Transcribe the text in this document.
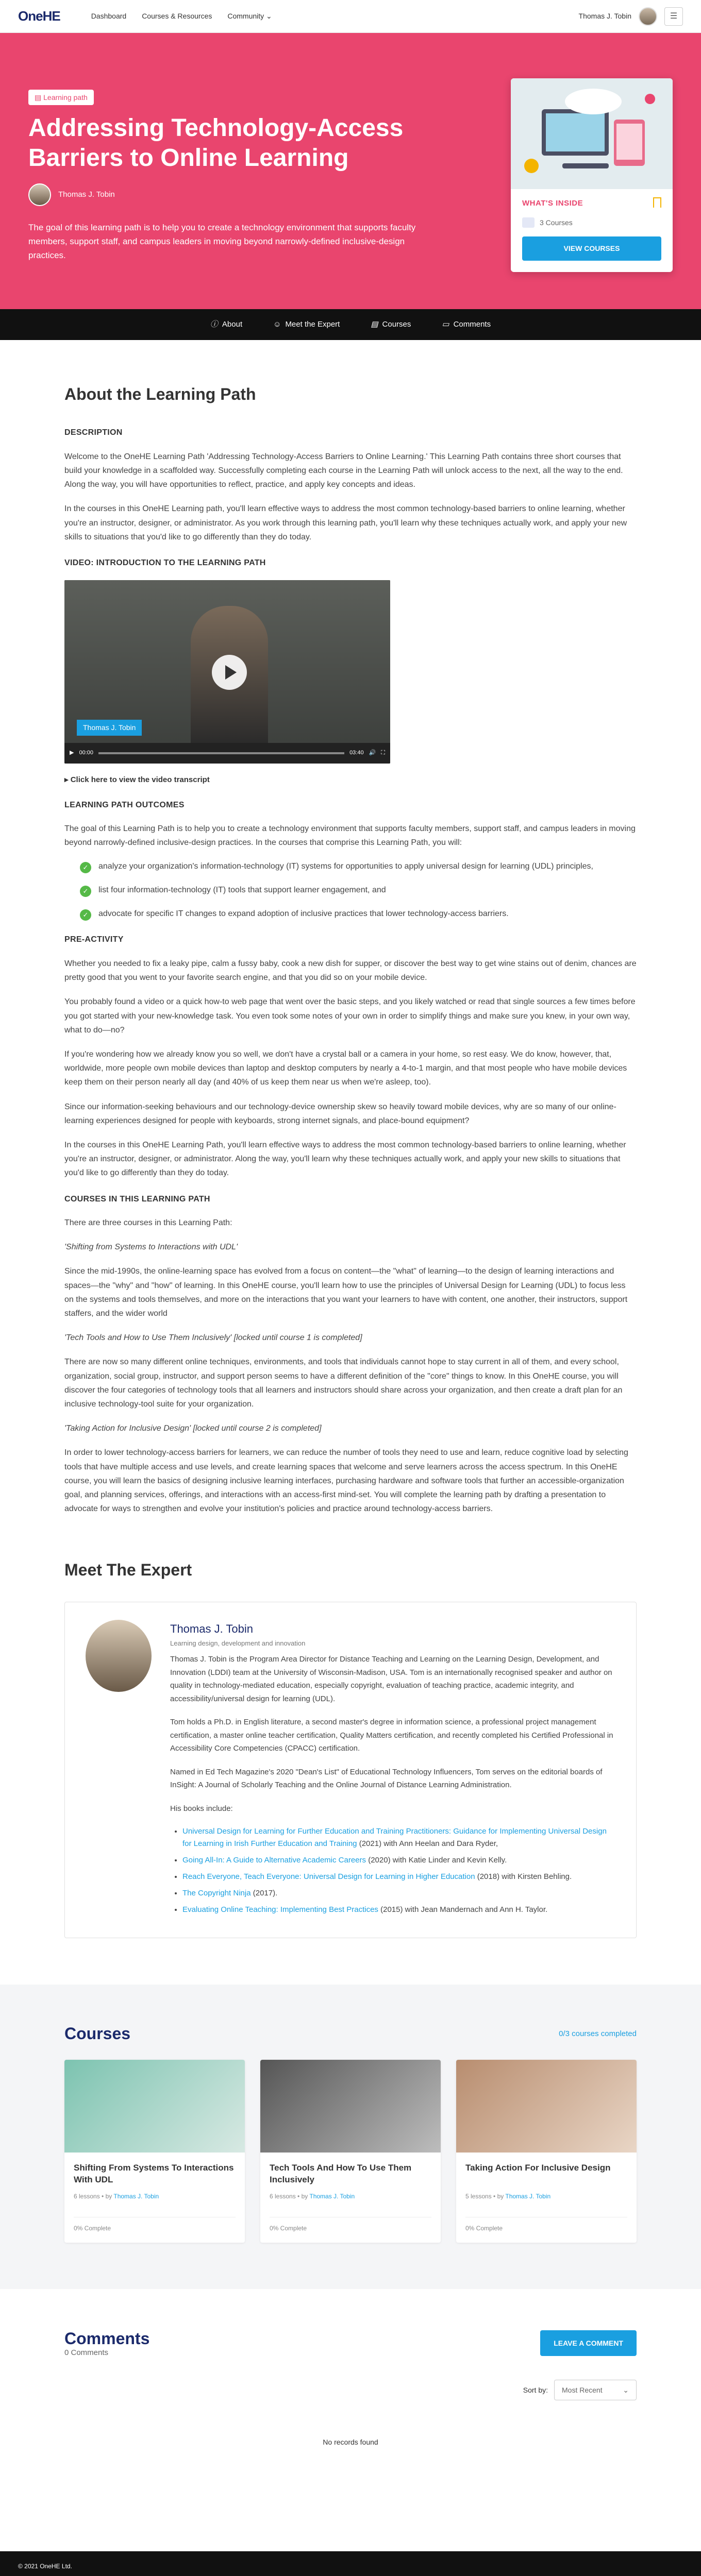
OneHE	Dashboard Courses & Resources Community ⌄	Thomas J. Tobin	☰
▤ Learning path
Addressing Technology-Access Barriers to Online Learning
Thomas J. Tobin

The goal of this learning path is to help you to create a technology environment that supports faculty members, support staff, and campus leaders in moving beyond narrowly-defined inclusive-design practices.

WHAT'S INSIDE
3 Courses
VIEW COURSES
ⓘ About	☺ Meet the Expert	▤ Courses	▭ Comments
About the Learning Path
DESCRIPTION

Welcome to the OneHE Learning Path 'Addressing Technology-Access Barriers to Online Learning.' This Learning Path contains three short courses that build your knowledge in a scaffolded way. Successfully completing each course in the Learning Path will unlock access to the next, all the way to the end. Along the way, you will have opportunities to reflect, practice, and apply key concepts and ideas.

In the courses in this OneHE Learning path, you'll learn effective ways to address the most common technology-based barriers to online learning, whether you're an instructor, designer, or administrator. As you work through this learning path, you'll learn why these techniques actually work, and apply your new skills to situations that you'd like to go differently than they do today.

VIDEO: INTRODUCTION TO THE LEARNING PATH
Thomas J. Tobin
▶ 00:00	03:40 🔊 ⛶
▸ Click here to view the video transcript
LEARNING PATH OUTCOMES

The goal of this Learning Path is to help you to create a technology environment that supports faculty members, support staff, and campus leaders in moving beyond narrowly-defined inclusive-design practices. In the courses that comprise this Learning Path, you will:

✓	analyze your organization's information-technology (IT) systems for opportunities to apply universal design for learning (UDL) principles,
✓	list four information-technology (IT) tools that support learner engagement, and
✓	advocate for specific IT changes to expand adoption of inclusive practices that lower technology-access barriers.
PRE-ACTIVITY

Whether you needed to fix a leaky pipe, calm a fussy baby, cook a new dish for supper, or discover the best way to get wine stains out of denim, chances are pretty good that you went to your favorite search engine, and that you did so on your mobile device.

You probably found a video or a quick how-to web page that went over the basic steps, and you likely watched or read that single sources a few times before you got started with your new-knowledge task. You even took some notes of your own in order to simplify things and make sure you knew, in your own way, what to do—no?

If you're wondering how we already know you so well, we don't have a crystal ball or a camera in your home, so rest easy. We do know, however, that, worldwide, more people own mobile devices than laptop and desktop computers by nearly a 4-to-1 margin, and that most people who have mobile devices keep them on their person nearly all day (and 40% of us keep them near us when we're asleep, too).

Since our information-seeking behaviours and our technology-device ownership skew so heavily toward mobile devices, why are so many of our online-learning experiences designed for people with keyboards, strong internet signals, and place-bound equipment?

In the courses in this OneHE Learning Path, you'll learn effective ways to address the most common technology-based barriers to online learning, whether you're an instructor, designer, or administrator. Along the way, you'll learn why these techniques actually work, and apply your new skills to situations that you'd like to go differently than they do today.

COURSES IN THIS LEARNING PATH

There are three courses in this Learning Path:

'Shifting from Systems to Interactions with UDL'

Since the mid-1990s, the online-learning space has evolved from a focus on content—the "what" of learning—to the design of learning interactions and spaces—the "why" and "how" of learning. In this OneHE course, you'll learn how to use the principles of Universal Design for Learning (UDL) to focus less on the systems and tools themselves, and more on the interactions that you want your learners to have with content, one another, their instructors, support staffers, and the wider world

'Tech Tools and How to Use Them Inclusively' [locked until course 1 is completed]

There are now so many different online techniques, environments, and tools that individuals cannot hope to stay current in all of them, and every school, organization, social group, instructor, and support person seems to have a different definition of the "core" things to know. In this OneHE course, you will discover the four categories of technology tools that all learners and instructors should share across your organization, and then create a draft plan for an inclusive technology-tool suite for your organization.

'Taking Action for Inclusive Design' [locked until course 2 is completed]

In order to lower technology-access barriers for learners, we can reduce the number of tools they need to use and learn, reduce cognitive load by selecting tools that have multiple access and use levels, and create learning spaces that welcome and serve learners across the access spectrum. In this OneHE course, you will learn the basics of designing inclusive learning interfaces, purchasing hardware and software tools that further an accessible-organization goal, and planning services, offerings, and interactions with an access-first mind-set. You will complete the learning path by drafting a presentation to advocate for ways to strengthen and evolve your institution's policies and practice around technology-access barriers.

Meet The Expert
Thomas J. Tobin
Learning design, development and innovation

Thomas J. Tobin is the Program Area Director for Distance Teaching and Learning on the Learning Design, Development, and Innovation (LDDI) team at the University of Wisconsin-Madison, USA. Tom is an internationally recognised speaker and author on quality in technology-mediated education, especially copyright, evaluation of teaching practice, academic integrity, and accessibility/universal design for learning (UDL).

Tom holds a Ph.D. in English literature, a second master's degree in information science, a professional project management certification, a master online teacher certification, Quality Matters certification, and recently completed his Certified Professional in Accessibility Core Competencies (CPACC) certification.

Named in Ed Tech Magazine's 2020 "Dean's List" of Educational Technology Influencers, Tom serves on the editorial boards of InSight: A Journal of Scholarly Teaching and the Online Journal of Distance Learning Administration.

His books include:

• Universal Design for Learning for Further Education and Training Practitioners: Guidance for Implementing Universal Design for Learning in Irish Further Education and Training (2021) with Ann Heelan and Dara Ryder,
• Going All-In: A Guide to Alternative Academic Careers (2020) with Katie Linder and Kevin Kelly.
• Reach Everyone, Teach Everyone: Universal Design for Learning in Higher Education (2018) with Kirsten Behling.
• The Copyright Ninja (2017).
• Evaluating Online Teaching: Implementing Best Practices (2015) with Jean Mandernach and Ann H. Taylor.
Courses	0/3 courses completed
Shifting From Systems To Interactions With UDL
6 lessons • by Thomas J. Tobin
0% Complete
Tech Tools And How To Use Them Inclusively
6 lessons • by Thomas J. Tobin
0% Complete
Taking Action For Inclusive Design
5 lessons • by Thomas J. Tobin
0% Complete
Comments
0 Comments
LEAVE A COMMENT
Sort by: Most Recent	⌄
No records found
© 2021 OneHE Ltd.
